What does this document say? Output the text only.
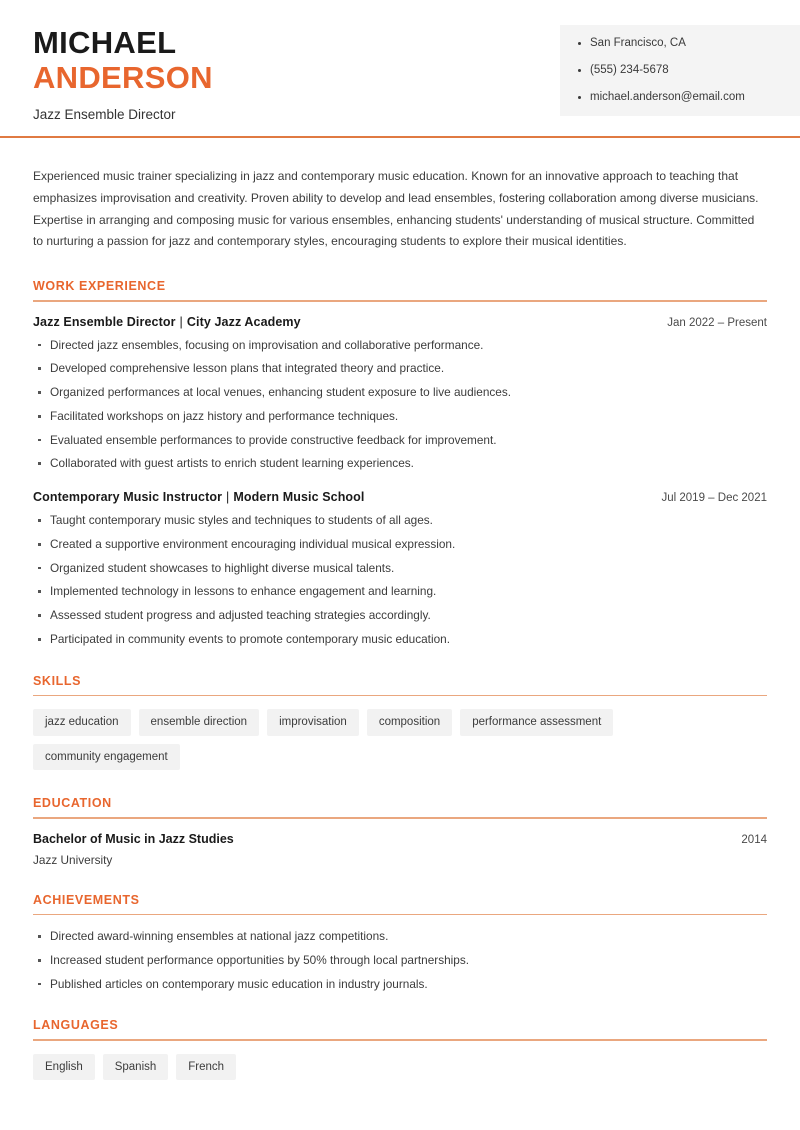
MICHAEL
ANDERSON
Jazz Ensemble Director
San Francisco, CA
(555) 234-5678
michael.anderson@email.com

Experienced music trainer specializing in jazz and contemporary music education. Known for an innovative approach to teaching that emphasizes improvisation and creativity. Proven ability to develop and lead ensembles, fostering collaboration among diverse musicians. Expertise in arranging and composing music for various ensembles, enhancing students' understanding of musical structure. Committed to nurturing a passion for jazz and contemporary styles, encouraging students to explore their musical identities.

WORK EXPERIENCE
Jazz Ensemble Director | City Jazz Academy	Jan 2022 – Present
Directed jazz ensembles, focusing on improvisation and collaborative performance.
Developed comprehensive lesson plans that integrated theory and practice.
Organized performances at local venues, enhancing student exposure to live audiences.
Facilitated workshops on jazz history and performance techniques.
Evaluated ensemble performances to provide constructive feedback for improvement.
Collaborated with guest artists to enrich student learning experiences.
Contemporary Music Instructor | Modern Music School	Jul 2019 – Dec 2021
Taught contemporary music styles and techniques to students of all ages.
Created a supportive environment encouraging individual musical expression.
Organized student showcases to highlight diverse musical talents.
Implemented technology in lessons to enhance engagement and learning.
Assessed student progress and adjusted teaching strategies accordingly.
Participated in community events to promote contemporary music education.
SKILLS
jazz education	ensemble direction	improvisation	composition	performance assessment
community engagement
EDUCATION
Bachelor of Music in Jazz Studies	2014
Jazz University
ACHIEVEMENTS
Directed award-winning ensembles at national jazz competitions.
Increased student performance opportunities by 50% through local partnerships.
Published articles on contemporary music education in industry journals.
LANGUAGES
English	Spanish	French
